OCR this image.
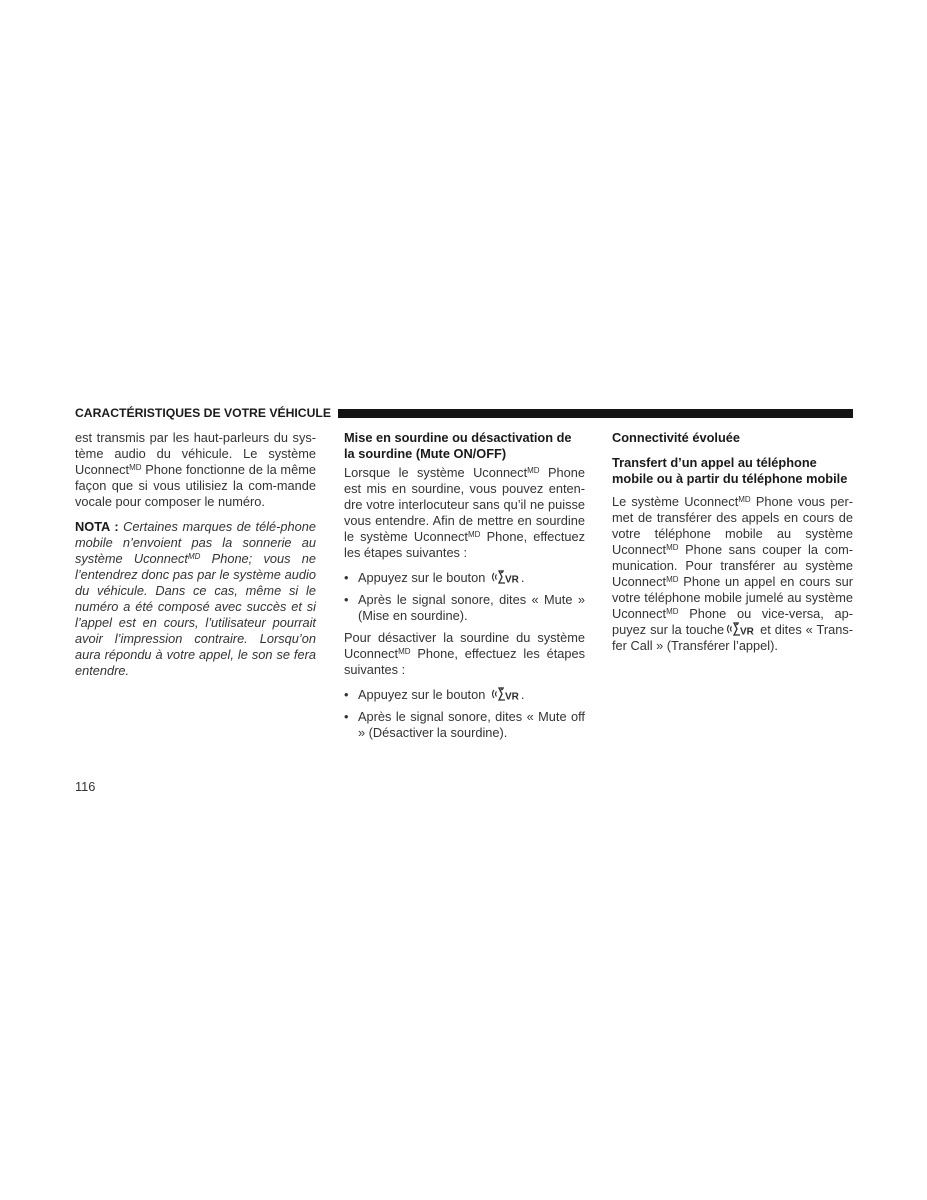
CARACTÉRISTIQUES DE VOTRE VÉHICULE

est transmis par les haut-parleurs du sys-tème audio du véhicule. Le système Uconnect$^{MD}$ Phone fonctionne de la même façon que si vous utilisiez la com-mande vocale pour composer le numéro.

NOTA : Certaines marques de télé-phone mobile n’envoient pas la sonnerie au système Uconnect$^{MD}$ Phone; vous ne l’entendrez donc pas par le système audio du véhicule. Dans ce cas, même si le numéro a été composé avec succès et si l’appel est en cours, l’utilisateur pourrait avoir l’impression contraire. Lorsqu’on aura répondu à votre appel, le son se fera entendre.

Mise en sourdine ou désactivation de la sourdine (Mute ON/OFF)

Lorsque le système Uconnect$^{MD}$ Phone est mis en sourdine, vous pouvez enten-dre votre interlocuteur sans qu’il ne puisse vous entendre. Afin de mettre en sourdine le système Uconnect$^{MD}$ Phone, effectuez les étapes suivantes :

• Appuyez sur le bouton VR .
• Après le signal sonore, dites « Mute » (Mise en sourdine).

Pour désactiver la sourdine du système Uconnect$^{MD}$ Phone, effectuez les étapes suivantes :

• Appuyez sur le bouton VR .
• Après le signal sonore, dites « Mute off » (Désactiver la sourdine).
Connectivité évoluée
Transfert d’un appel au téléphone mobile ou à partir du téléphone mobile

Le système Uconnect$^{MD}$ Phone vous per-met de transférer des appels en cours de votre téléphone mobile au système Uconnect$^{MD}$ Phone sans couper la com-munication. Pour transférer au système Uconnect$^{MD}$ Phone un appel en cours sur votre téléphone mobile jumelé au système Uconnect$^{MD}$ Phone ou vice-versa, ap-puyez sur la touche VR et dites « Trans-fer Call » (Transférer l’appel).

116
